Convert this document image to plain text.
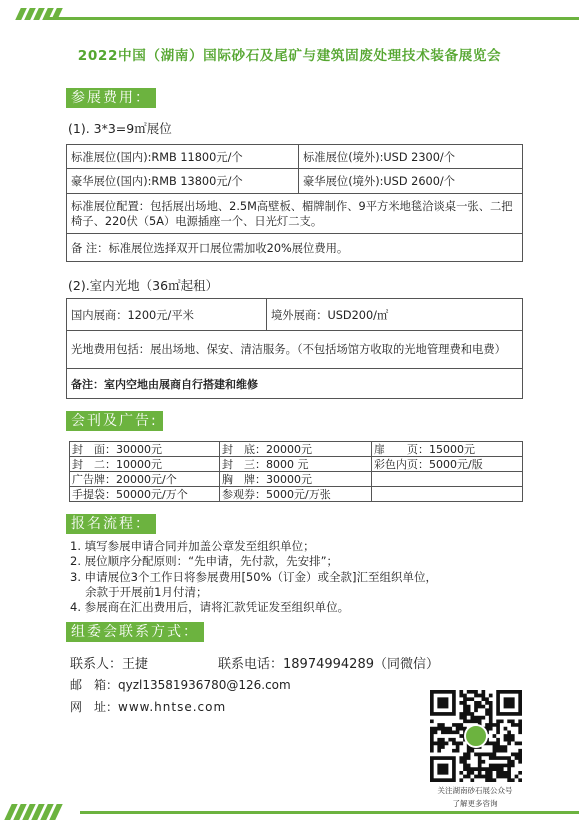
2022中国（湖南）国际砂石及尾矿与建筑固废处理技术装备展览会
参展费用：
(1). 3*3=9㎡展位
标准展位(国内):RMB 11800元/个	标准展位(境外):USD 2300/个
豪华展位(国内):RMB 13800元/个	豪华展位(境外):USD 2600/个
标准展位配置：包括展出场地、2.5M高壁板、楣牌制作、9平方米地毯洽谈桌一张、二把椅子、220伏（5A）电源插座一个、日光灯二支。	
备 注：标准展位选择双开口展位需加收20%展位费用。	
(2).室内光地（36㎡起租）
国内展商：1200元/平米	境外展商：USD200/㎡
光地费用包括：展出场地、保安、清洁服务。（不包括场馆方收取的光地管理费和电费）
备注：室内空地由展商自行搭建和维修
会刊及广告:
封　面：30000元	封　底：20000元	扉　　页：15000元
封　二：10000元	封　三：8000 元	彩色内页：5000元/版
广告牌：20000元/个	胸　牌：30000元	
手提袋：50000元/万个	参观券：5000元/万张	
报名流程：
1. 填写参展申请合同并加盖公章发至组织单位；
2. 展位顺序分配原则：“先申请，先付款，先安排”；
3. 申请展位3个工作日将参展费用[50%（订金）或全款]汇至组织单位，
　 余款于开展前1月付清；
4. 参展商在汇出费用后，请将汇款凭证发至组织单位。
组委会联系方式：
联系人：王捷	联系电话：18974994289（同微信）
邮　箱：qyzl13581936780@126.com
网　址：www.hntse.com
关注湖南砂石展公众号
了解更多咨询
